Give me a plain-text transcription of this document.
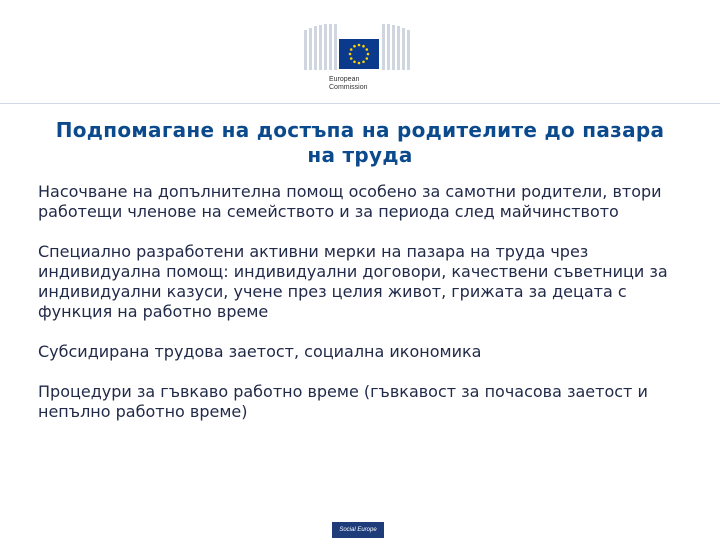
European
Commission
Подпомагане на достъпа на родителите до пазара на труда
Насочване на допълнителна помощ особено за самотни родители, втори работещи членове на семейството и за периода след майчинството
Специално разработени активни мерки на пазара на труда чрез индивидуална помощ: индивидуални договори, качествени съветници за индивидуални казуси, учене през целия живот, грижата за децата с функция на работно време
Субсидирана трудова заетост, социална икономика
Процедури за гъвкаво работно време (гъвкавост за почасова заетост и непълно работно време)
Social Europe
